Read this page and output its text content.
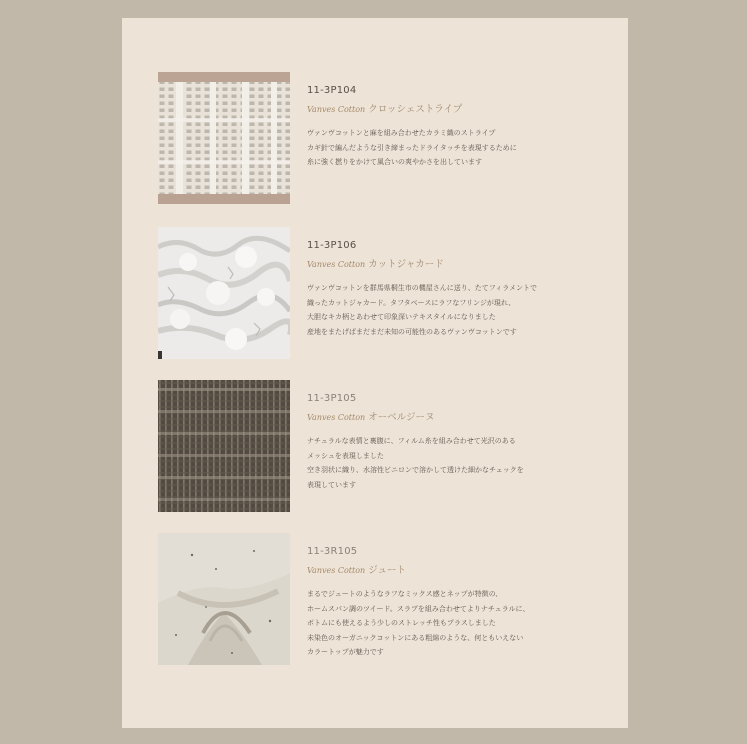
11-3P104
Vanves Cotton クロッシェストライプ
ヴァンヴコットンと麻を組み合わせたカラミ織のストライプ
カギ針で編んだような引き締まったドライタッチを表現するために
糸に強く撚りをかけて風合いの爽やかさを出しています
11-3P106
Vanves Cotton カットジャカード
ヴァンヴコットンを群馬県桐生市の機屋さんに送り、たてフィラメントで
織ったカットジャカード。タフタベースにラフなフリンジが現れ、
大胆なキカ柄とあわせて印象深いテキスタイルになりました
産地をまたげばまだまだ未知の可能性のあるヴァンヴコットンです
11-3P105
Vanves Cotton オーベルジーヌ
ナチュラルな表情と裏腹に、フィルム糸を組み合わせて光沢のある
メッシュを表現しました
空き羽状に織り、水溶性ビニロンで溶かして透けた細かなチェックを
表現しています
11-3R105
Vanves Cotton ジュート
まるでジュートのようなラフなミックス感とネップが特徴の、
ホームスパン調のツイード。スラブを組み合わせてよりナチュラルに、
ボトムにも使えるよう少しのストレッチ性もプラスしました
未染色のオーガニックコットンにある粗綿のような、何ともいえない
カラートップが魅力です
